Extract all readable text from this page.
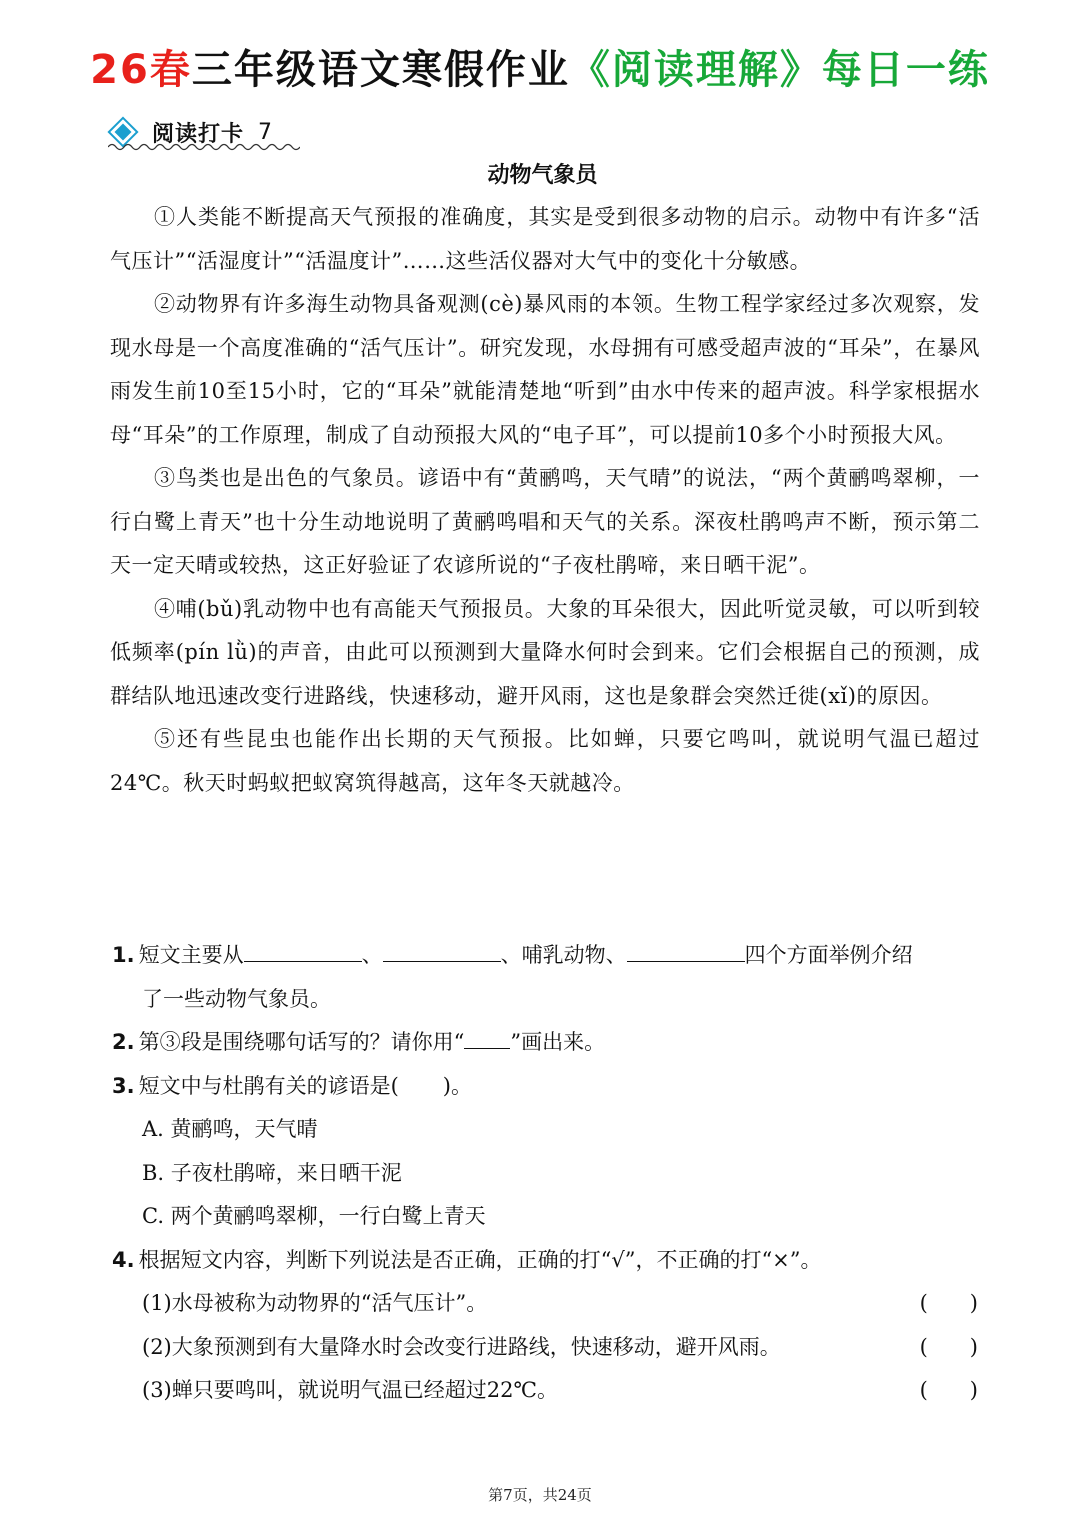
26春三年级语文寒假作业《阅读理解》每日一练
阅读打卡 7
动物气象员

①人类能不断提高天气预报的准确度，其实是受到很多动物的启示。动物中有许多“活气压计”“活湿度计”“活温度计”……这些活仪器对大气中的变化十分敏感。

②动物界有许多海生动物具备观测(cè)暴风雨的本领。生物工程学家经过多次观察，发现水母是一个高度准确的“活气压计”。研究发现，水母拥有可感受超声波的“耳朵”，在暴风雨发生前10至15小时，它的“耳朵”就能清楚地“听到”由水中传来的超声波。科学家根据水母“耳朵”的工作原理，制成了自动预报大风的“电子耳”，可以提前10多个小时预报大风。

③鸟类也是出色的气象员。谚语中有“黄鹂鸣，天气晴”的说法，“两个黄鹂鸣翠柳，一行白鹭上青天”也十分生动地说明了黄鹂鸣唱和天气的关系。深夜杜鹃鸣声不断，预示第二天一定天晴或较热，这正好验证了农谚所说的“子夜杜鹃啼，来日晒干泥”。

④哺(bǔ)乳动物中也有高能天气预报员。大象的耳朵很大，因此听觉灵敏，可以听到较低频率(pín lǜ)的声音，由此可以预测到大量降水何时会到来。它们会根据自己的预测，成群结队地迅速改变行进路线，快速移动，避开风雨，这也是象群会突然迁徙(xǐ)的原因。

⑤还有些昆虫也能作出长期的天气预报。比如蝉，只要它鸣叫，就说明气温已超过24℃。秋天时蚂蚁把蚁窝筑得越高，这年冬天就越冷。

1. 短文主要从	、	、哺乳动物、	四个方面举例介绍

了一些动物气象员。

2. 第③段是围绕哪句话写的？请你用“ ”画出来。

3. 短文中与杜鹃有关的谚语是( )。

A. 黄鹂鸣，天气晴

B. 子夜杜鹃啼，来日晒干泥

C. 两个黄鹂鸣翠柳，一行白鹭上青天

4. 根据短文内容，判断下列说法是否正确，正确的打“√”，不正确的打“×”。

(1)水母被称为动物界的“活气压计”。	(　　)

(2)大象预测到有大量降水时会改变行进路线，快速移动，避开风雨。	(　　)

(3)蝉只要鸣叫，就说明气温已经超过22℃。	(　　)

第7页，共24页
